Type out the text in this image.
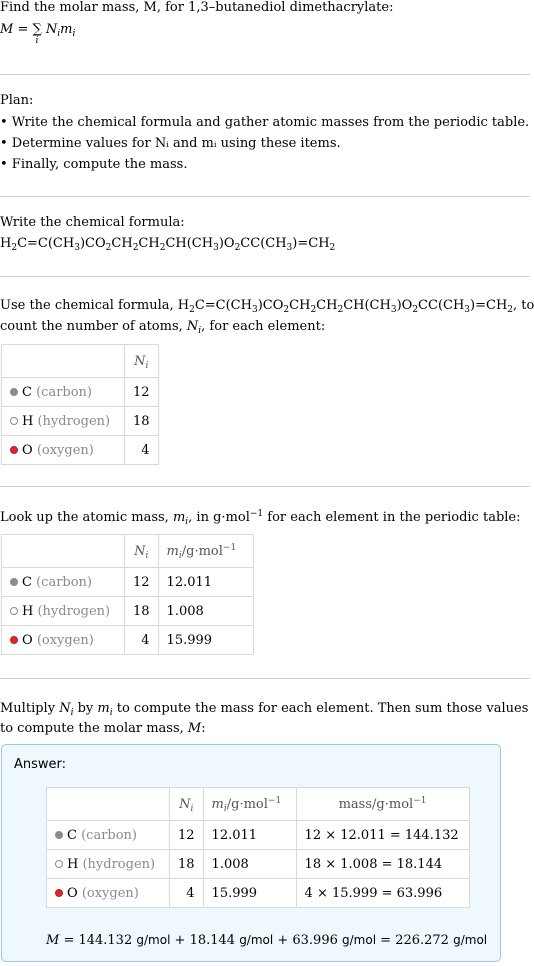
Find the molar mass, M, for 1,3–butanediol dimethacrylate:
M = ∑
i
$N_im_i$
Plan:
• Write the chemical formula and gather atomic masses from the periodic table.
• Determine values for Nᵢ and mᵢ using these items.
• Finally, compute the mass.
Write the chemical formula:
$H_2C=C(CH_3)CO_2CH_2CH_2CH(CH_3)O_2CC(CH_3)=CH_2$
Use the chemical formula, $H_2C=C(CH_3)CO_2CH_2CH_2CH(CH_3)O_2CC(CH_3)=CH_2$, to
count the number of atoms, $N_i$, for each element:
	$N_i$
C (carbon)	12
H (hydrogen)	18
O (oxygen)	4
Look up the atomic mass, $m_i$, in g·mol$^{-1}$ for each element in the periodic table:
	$N_i$	$m_i/g\cdot mol^{-1}$
C (carbon)	12	12.011
H (hydrogen)	18	1.008
O (oxygen)	4	15.999
Multiply $N_i$ by $m_i$ to compute the mass for each element. Then sum those values
to compute the molar mass, M:
Answer:
	$N_i$	$m_i/g\cdot mol^{-1}$	mass/g·mol$^{-1}$
C (carbon)	12	12.011	12 × 12.011 = 144.132
H (hydrogen)	18	1.008	18 × 1.008 = 18.144
O (oxygen)	4	15.999	4 × 15.999 = 63.996
M = 144.132 g/mol + 18.144 g/mol + 63.996 g/mol = 226.272 g/mol
